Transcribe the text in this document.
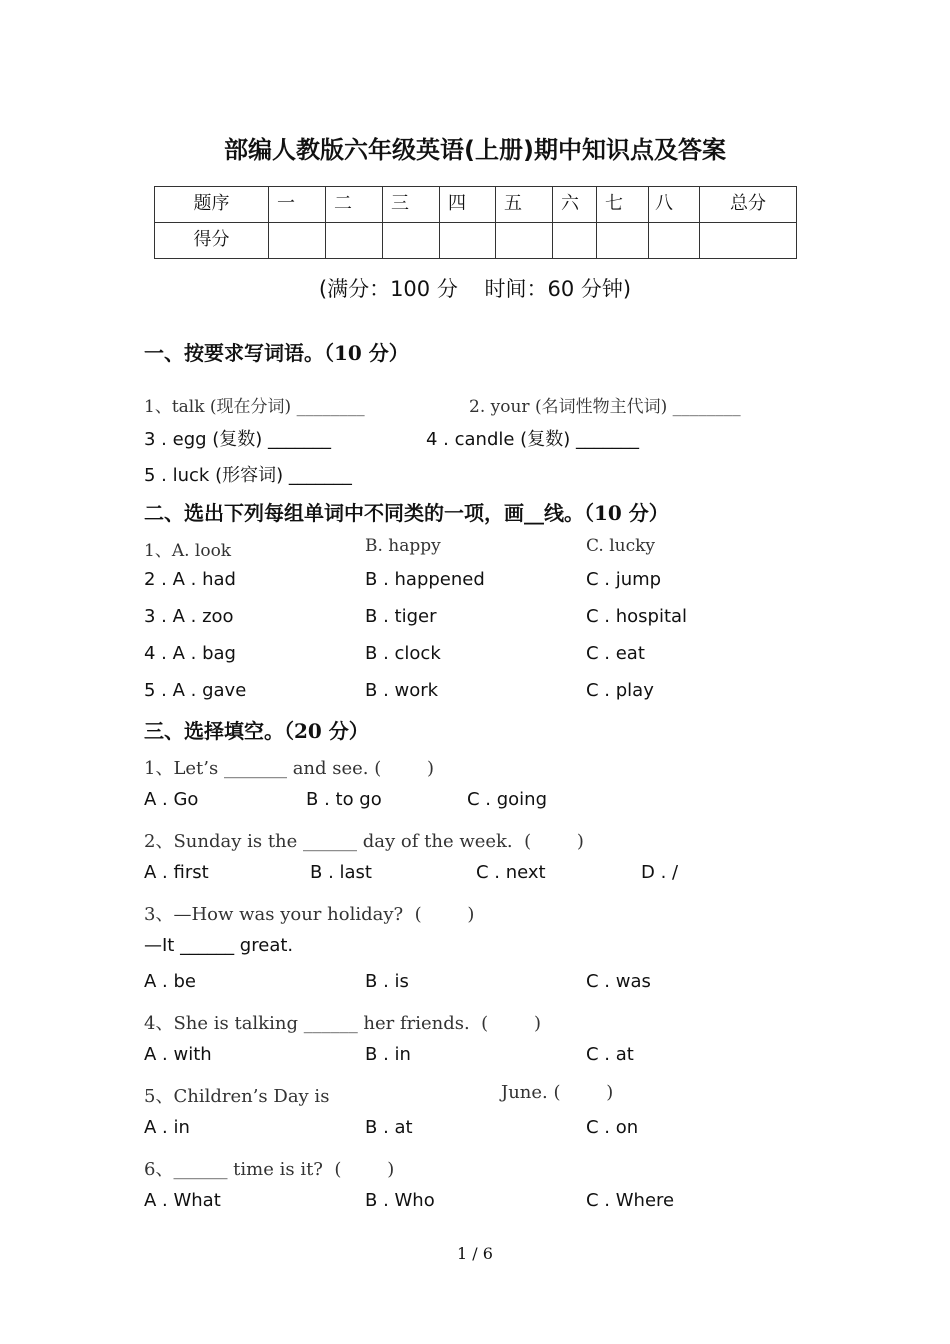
部编人教版六年级英语(上册)期中知识点及答案
题序	一	二	三	四	五	六	七	八	总分
得分									
(满分：100 分    时间：60 分钟)
一、按要求写词语。（10 分）
1、talk (现在分词) ________	2. your (名词性物主代词) ________
3 . egg (复数) _______	4 . candle (复数) _______
5 . luck (形容词) _______
二、选出下列每组单词中不同类的一项，画__线。（10 分）
1、A. look	B. happy	C. lucky
2 . A . had	B . happened	C . jump
3 . A . zoo	B . tiger	C . hospital
4 . A . bag	B . clock	C . eat
5 . A . gave	B . work	C . play
三、选择填空。（20 分）
1、Let’s _______ and see. (        )
A . Go	B . to go	C . going
2、Sunday is the ______ day of the week.  (        )
A . first	B . last	C . next	D . /
3、—How was your holiday?  (        )
—It ______ great.
A . be	B . is	C . was
4、She is talking ______ her friends.  (        )
A . with	B . in	C . at
5、Children’s Day is	June. (        )
A . in	B . at	C . on
6、______ time is it?  (        )
A . What	B . Who	C . Where
1 / 6
